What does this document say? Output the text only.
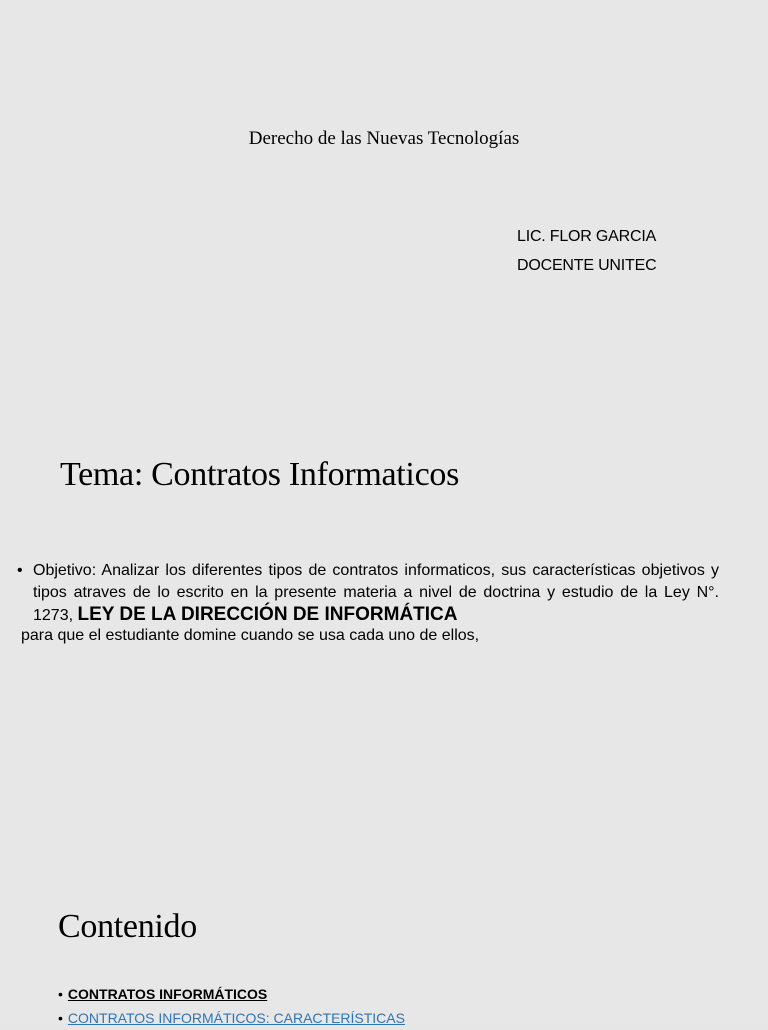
Derecho de las Nuevas Tecnologías
LIC. FLOR GARCIA
DOCENTE UNITEC
Tema: Contratos Informaticos
• Objetivo: Analizar los diferentes tipos de contratos informaticos, sus características objetivos y tipos atraves de lo escrito en la presente materia a nivel de doctrina y estudio de la Ley N°. 1273, LEY DE LA DIRECCIÓN DE INFORMÁTICA
para que el estudiante domine cuando se usa cada uno de ellos,
Contenido
• CONTRATOS INFORMÁTICOS
• CONTRATOS INFORMÁTICOS: CARACTERÍSTICAS
